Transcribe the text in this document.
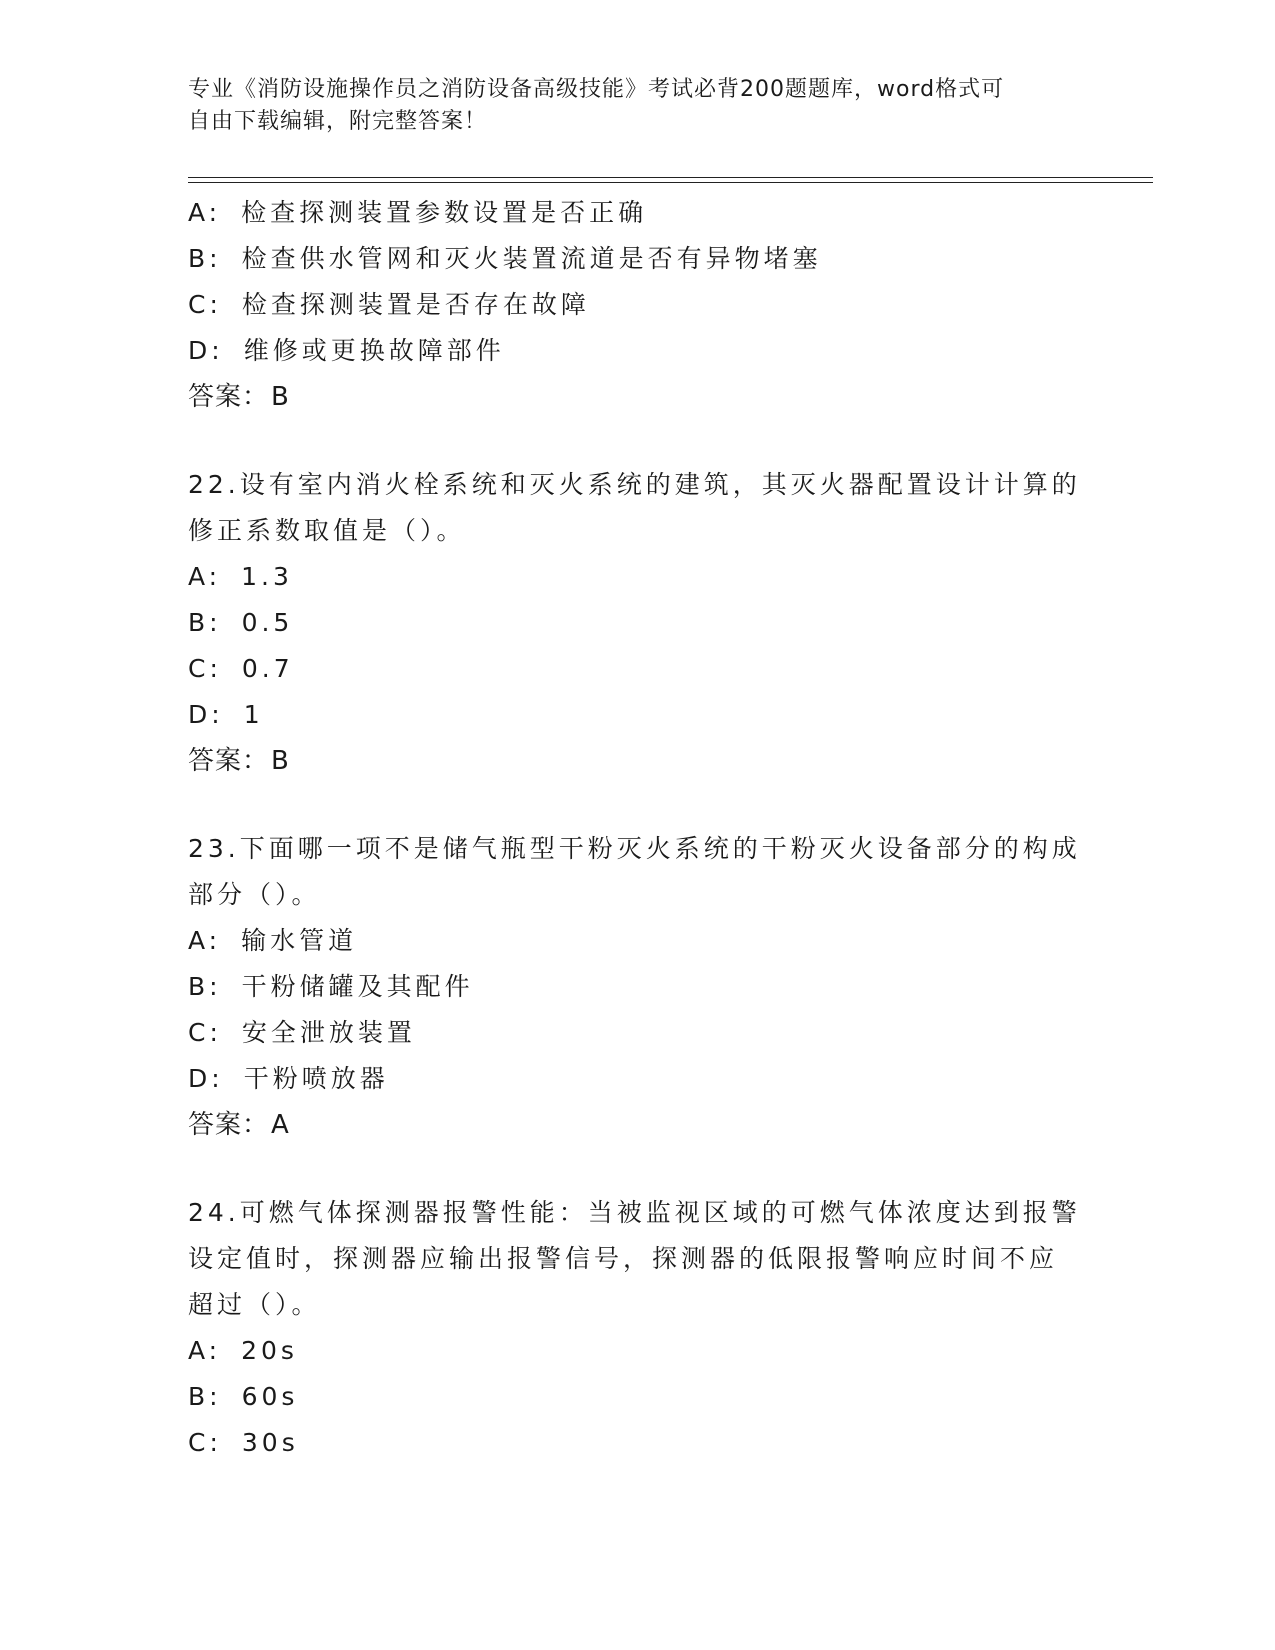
专业《消防设施操作员之消防设备高级技能》考试必背200题题库，word格式可
自由下载编辑，附完整答案！
A: 检查探测装置参数设置是否正确
B: 检查供水管网和灭火装置流道是否有异物堵塞
C: 检查探测装置是否存在故障
D: 维修或更换故障部件
答案：B
22.设有室内消火栓系统和灭火系统的建筑，其灭火器配置设计计算的
修正系数取值是（）。
A: 1.3
B: 0.5
C: 0.7
D: 1
答案：B
23.下面哪一项不是储气瓶型干粉灭火系统的干粉灭火设备部分的构成
部分（）。
A: 输水管道
B: 干粉储罐及其配件
C: 安全泄放装置
D: 干粉喷放器
答案：A
24.可燃气体探测器报警性能：当被监视区域的可燃气体浓度达到报警
设定值时，探测器应输出报警信号，探测器的低限报警响应时间不应
超过（）。
A: 20s
B: 60s
C: 30s
